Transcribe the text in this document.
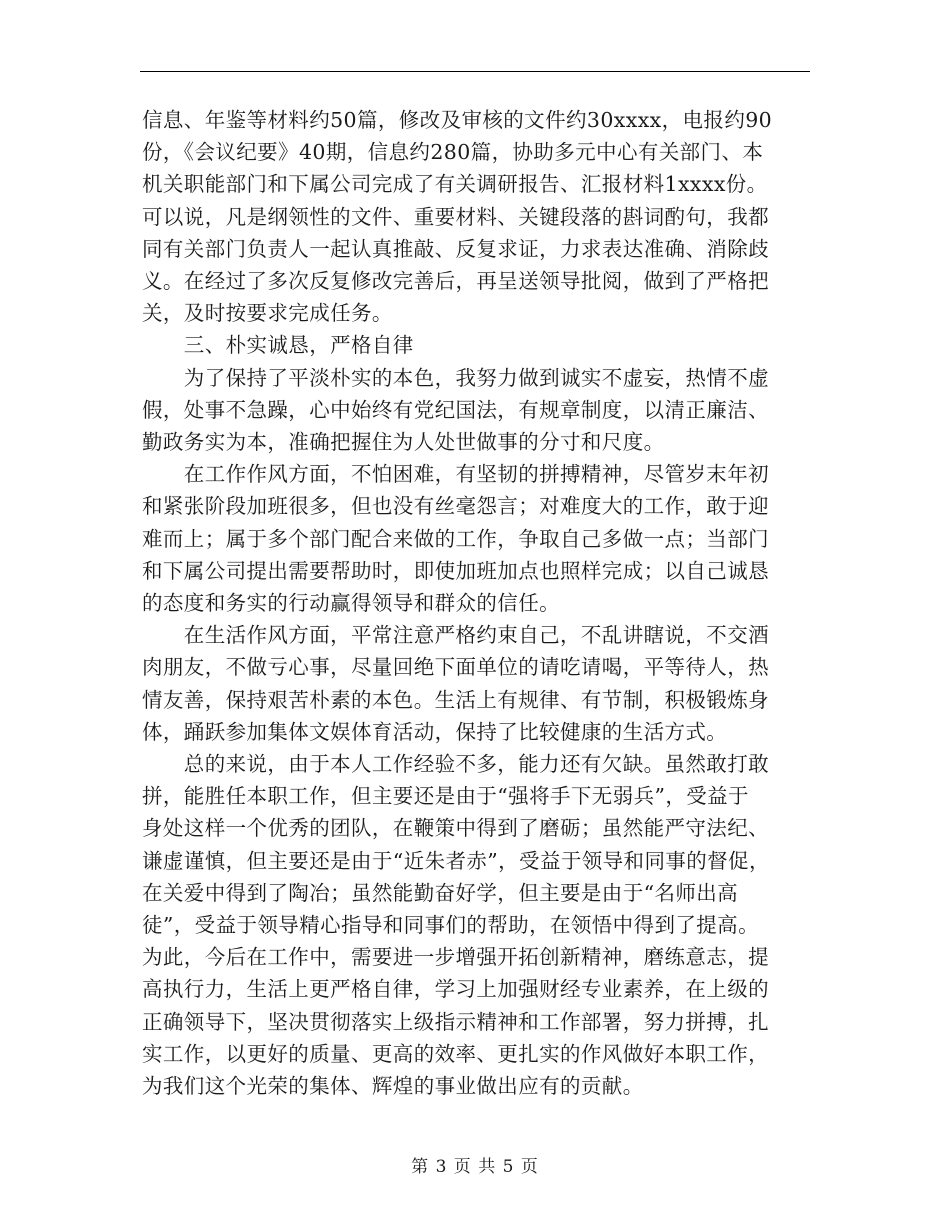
信息、年鉴等材料约50篇，修改及审核的文件约30xxxx，电报约90
份，《会议纪要》40期，信息约280篇，协助多元中心有关部门、本
机关职能部门和下属公司完成了有关调研报告、汇报材料1xxxx份。
可以说，凡是纲领性的文件、重要材料、关键段落的斟词酌句，我都
同有关部门负责人一起认真推敲、反复求证，力求表达准确、消除歧
义。在经过了多次反复修改完善后，再呈送领导批阅，做到了严格把
关，及时按要求完成任务。

　　三、朴实诚恳，严格自律

　　为了保持了平淡朴实的本色，我努力做到诚实不虚妄，热情不虚
假，处事不急躁，心中始终有党纪国法，有规章制度，以清正廉洁、
勤政务实为本，准确把握住为人处世做事的分寸和尺度。

　　在工作作风方面，不怕困难，有坚韧的拼搏精神，尽管岁末年初
和紧张阶段加班很多，但也没有丝毫怨言；对难度大的工作，敢于迎
难而上；属于多个部门配合来做的工作，争取自己多做一点；当部门
和下属公司提出需要帮助时，即使加班加点也照样完成；以自己诚恳
的态度和务实的行动赢得领导和群众的信任。

　　在生活作风方面，平常注意严格约束自己，不乱讲瞎说，不交酒
肉朋友，不做亏心事，尽量回绝下面单位的请吃请喝，平等待人，热
情友善，保持艰苦朴素的本色。生活上有规律、有节制，积极锻炼身
体，踊跃参加集体文娱体育活动，保持了比较健康的生活方式。

　　总的来说，由于本人工作经验不多，能力还有欠缺。虽然敢打敢
拼，能胜任本职工作，但主要还是由于“强将手下无弱兵”，受益于
身处这样一个优秀的团队，在鞭策中得到了磨砺；虽然能严守法纪、
谦虚谨慎，但主要还是由于“近朱者赤”，受益于领导和同事的督促，
在关爱中得到了陶冶；虽然能勤奋好学，但主要是由于“名师出高
徒”，受益于领导精心指导和同事们的帮助，在领悟中得到了提高。
为此，今后在工作中，需要进一步增强开拓创新精神，磨练意志，提
高执行力，生活上更严格自律，学习上加强财经专业素养，在上级的
正确领导下，坚决贯彻落实上级指示精神和工作部署，努力拼搏，扎
实工作，以更好的质量、更高的效率、更扎实的作风做好本职工作，
为我们这个光荣的集体、辉煌的事业做出应有的贡献。

第 3 页 共 5 页
